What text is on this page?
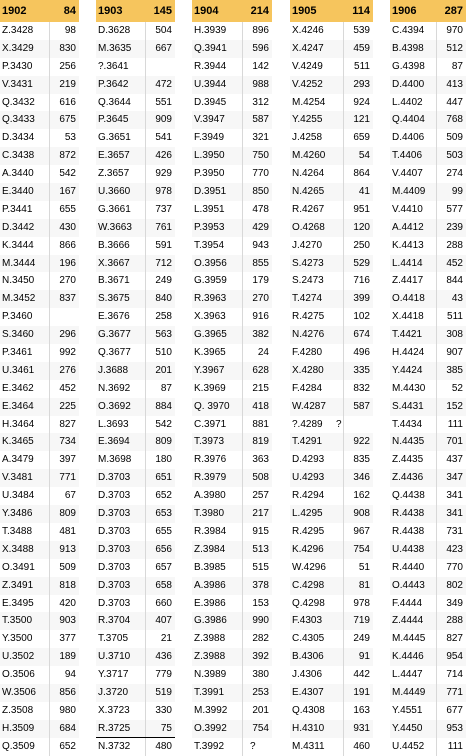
1902	84
Z.3428	98
X.3429	830
P.3430	256
V.3431	219
Q.3432 616
Q.3433 675
D.3434	53
C.3438	872
A.3440	542
E.3440	167
P.3441	655
D.3442	430
K.3444	866
M.3444 196
N.3450	270
M.3452 837
P.3460
S.3460	296
P.3461	992
U.3461	276
E.3462	452
E.3464	225
H.3464	827
K.3465	734
A.3479	397
V.3481	771
U.3484	67
Y.3486	809
T.3488	481
X.3488	913
O.3491 509
Z.3491	818
E.3495	420
T.3500	903
Y.3500	377
U.3502	189
O.3506	94
W.3506 856
Z.3508	980
H.3509	684
Q.3509 652
1903	145
D.3628	504
M.3635 667
?.3641
P.3642	472
Q.3644 551
P.3645	909
G.3651 541
E.3657	426
Z.3657	929
U.3660	978
G.3661 737
W.3663 761
B.3666	591
X.3667	712
B.3671	249
S.3675	840
E.3676	258
G.3677 563
Q.3677 510
J.3688	201
N.3692	87
O.3692 884
L.3693	542
E.3694	809
M.3698 180
D.3703	651
D.3703	652
D.3703	653
D.3703	655
D.3703	656
D.3703	657
D.3703	658
D.3703	660
R.3704	407
T.3705	21
U.3710	436
Y.3717	779
J.3720	519
X.3723	330
R.3725	75
N.3732	480
1904	214
H.3939	896
Q.3941	596
R.3944	142
U.3944	988
D.3945	312
V.3947	587
F.3949	321
L.3950	750
P.3950	770
D.3951	850
L.3951	478
P.3953	429
T.3954	943
O.3956	855
G.3959	179
R.3963	270
X.3963	916
G.3965	382
K.3965	24
Y.3967	628
K.3969	215
Q. 3970 418
C.3971	881
T.3973	819
R.3976	363
R.3979	508
A.3980	257
T.3980	217
R.3984	915
Z.3984	513
B.3985	515
A.3986	378
E.3986	153
G.3986	990
Z.3988	282
Z.3988	392
N.3989	380
T.3991	253
M.3992 201
O.3992	754
T.3992	?
1905	114
X.4246	539
X.4247	459
V.4249	511
V.4252	293
M.4254	924
Y.4255	121
J.4258	659
M.4260	54
N.4264	864
N.4265	41
R.4267	951
O.4268	120
J.4270	250
S.4273	529
S.2473	716
T.4274	399
R.4275	102
N.4276	674
F.4280	496
X.4280	335
F.4284	832
W.4287	587
?.4289 ?
T.4291	922
D.4293	835
U.4293	346
R.4294	162
L.4295	908
R.4295	967
K.4296	754
W.4296	51
C.4298	81
Q.4298	978
F.4303	719
C.4305	249
B.4306	91
J.4306	442
E.4307	191
Q.4308	163
H.4310	931
M.4311	460
1906	287
C.4394 970
B.4398 512
G.4398	87
D.4400 413
L.4402 447
Q.4404 768
D.4406 509
T.4406 503
V.4407 274
M.4409	99
V.4410 577
A.4412 239
K.4413 288
L.4414 452
Z.4417 844
O.4418	43
X.4418 511
T.4421 308
H.4424 907
Y.4424 385
M.4430	52
S.4431 152
T.4434	111
N.4435 701
Z.4435 437
Z.4436 347
Q.4438 341
R.4438 341
R.4438 731
U.4438 423
R.4440 770
O.4443 802
F.4444 349
Z.4444 288
M.4445 827
K.4446 954
L.4447 714
M.4449 771
Y.4551 677
Y.4450 953
U.4452 111
